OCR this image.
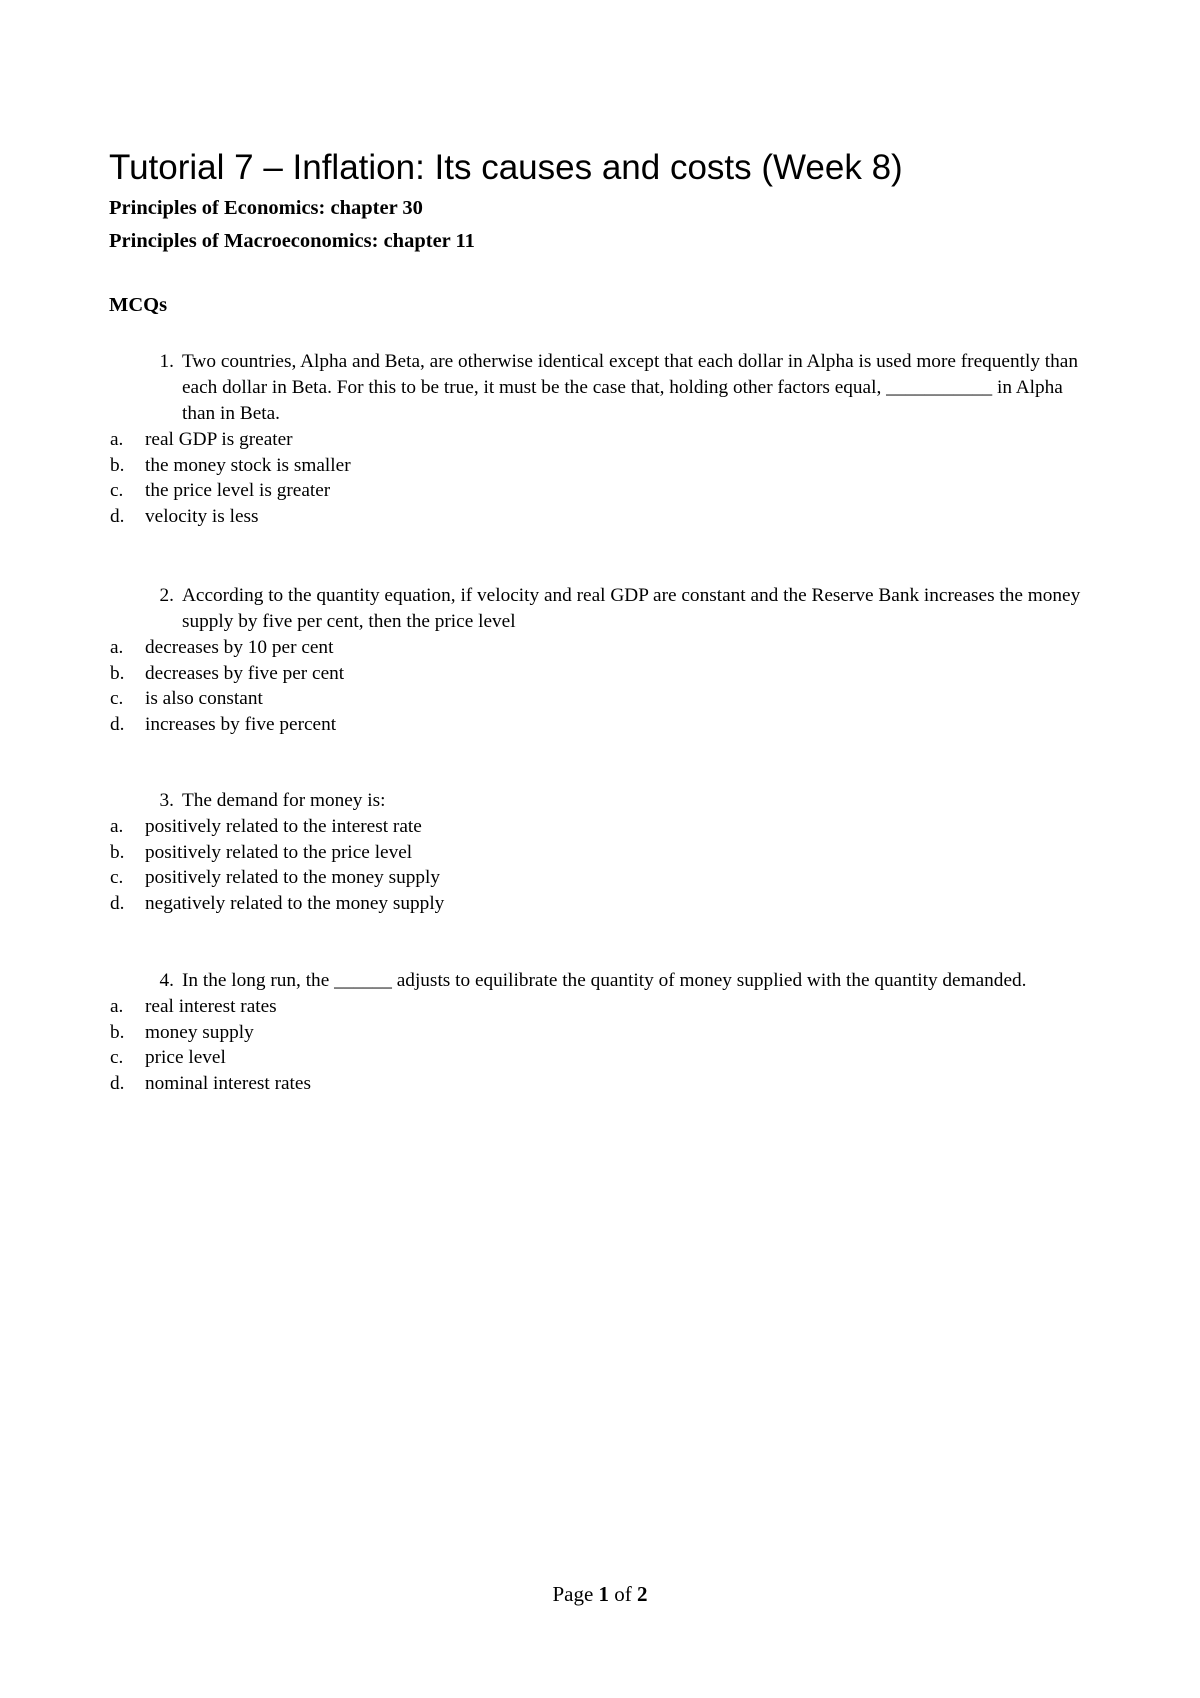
Tutorial 7 – Inflation: Its causes and costs (Week 8)
Principles of Economics: chapter 30
Principles of Macroeconomics: chapter 11
MCQs
1. Two countries, Alpha and Beta, are otherwise identical except that each dollar in Alpha is used more frequently than each dollar in Beta. For this to be true, it must be the case that, holding other factors equal, ___________ in Alpha than in Beta.
a. real GDP is greater
b. the money stock is smaller
c. the price level is greater
d. velocity is less
2. According to the quantity equation, if velocity and real GDP are constant and the Reserve Bank increases the money supply by five per cent, then the price level
a. decreases by 10 per cent
b. decreases by five per cent
c. is also constant
d. increases by five percent
3. The demand for money is:
a. positively related to the interest rate
b. positively related to the price level
c. positively related to the money supply
d. negatively related to the money supply
4. In the long run, the ______ adjusts to equilibrate the quantity of money supplied with the quantity demanded.
a. real interest rates
b. money supply
c. price level
d. nominal interest rates
Page 1 of 2
